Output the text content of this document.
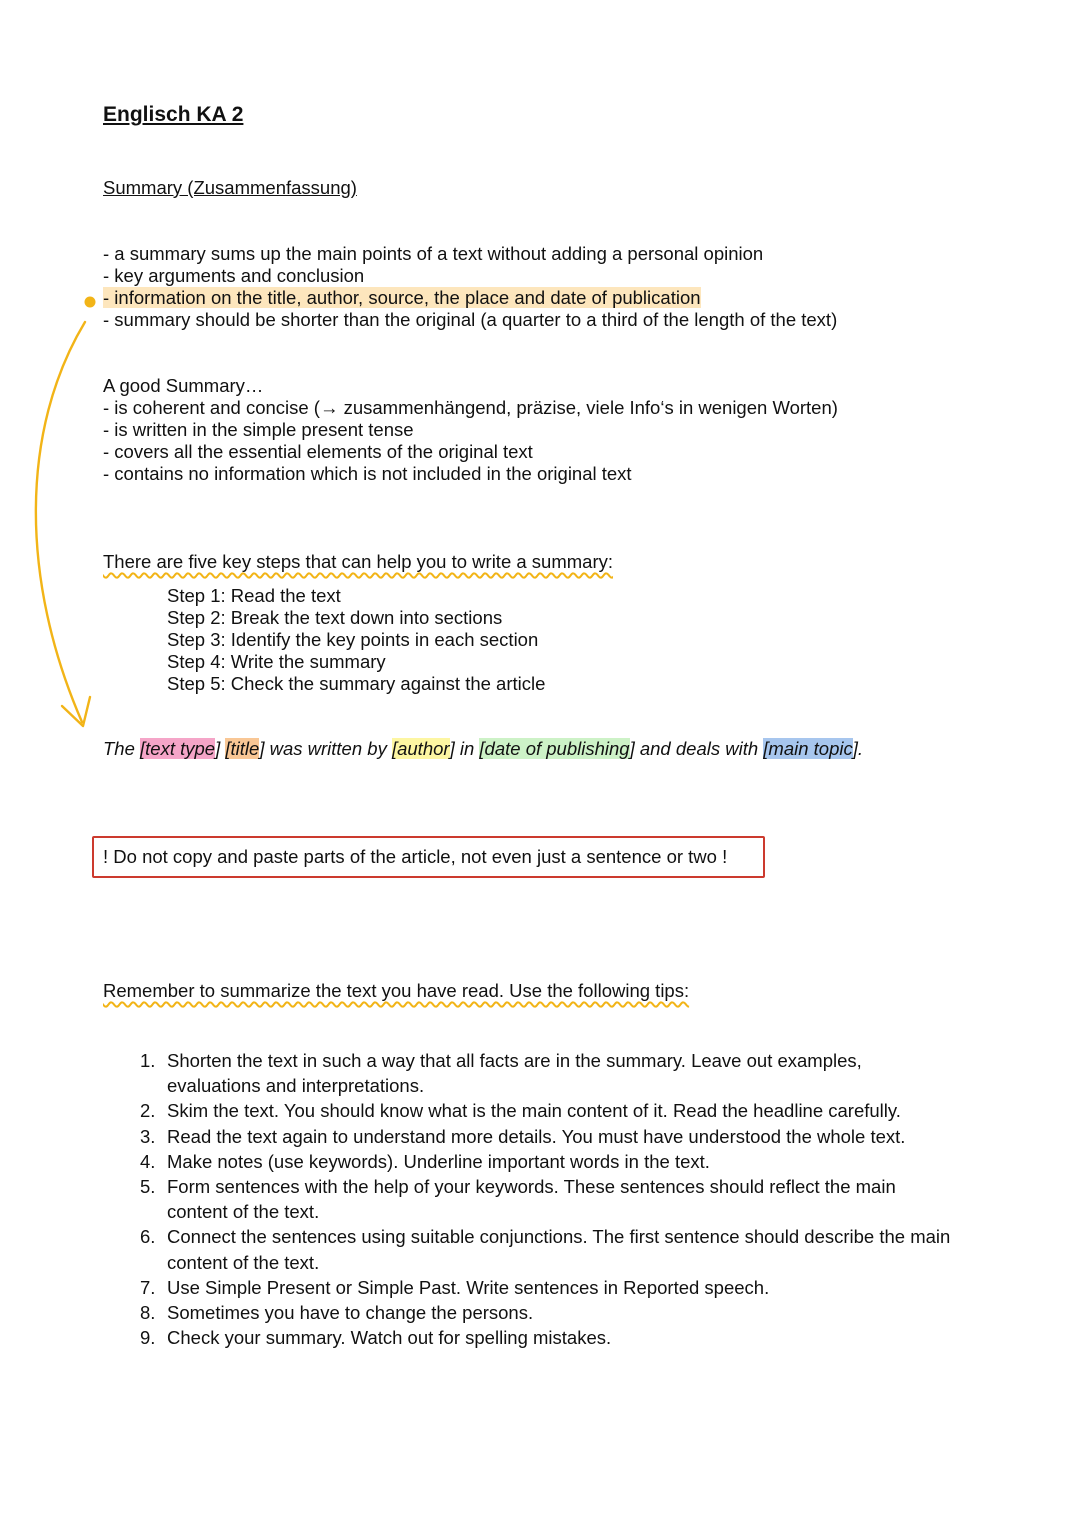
Englisch KA 2
Summary (Zusammenfassung)
- a summary sums up the main points of a text without adding a personal opinion
- key arguments and conclusion
- information on the title, author, source, the place and date of publication
- summary should be shorter than the original (a quarter to a third of the length of the text)
A good Summary…
- is coherent and concise (→ zusammenhängend, präzise, viele Info‘s in wenigen Worten)
- is written in the simple present tense
- covers all the essential elements of the original text
- contains no information which is not included in the original text
There are five key steps that can help you to write a summary:
Step 1: Read the text
Step 2: Break the text down into sections
Step 3: Identify the key points in each section
Step 4: Write the summary
Step 5: Check the summary against the article
The [text type] [title] was written by [author] in [date of publishing] and deals with [main topic].
! Do not copy and paste parts of the article, not even just a sentence or two !
Remember to summarize the text you have read. Use the following tips:
1. Shorten the text in such a way that all facts are in the summary. Leave out examples,
evaluations and interpretations.
2. Skim the text. You should know what is the main content of it. Read the headline carefully.
3. Read the text again to understand more details. You must have understood the whole text.
4. Make notes (use keywords). Underline important words in the text.
5. Form sentences with the help of your keywords. These sentences should reflect the main
content of the text.
6. Connect the sentences using suitable conjunctions. The first sentence should describe the main
content of the text.
7. Use Simple Present or Simple Past. Write sentences in Reported speech.
8. Sometimes you have to change the persons.
9. Check your summary. Watch out for spelling mistakes.
